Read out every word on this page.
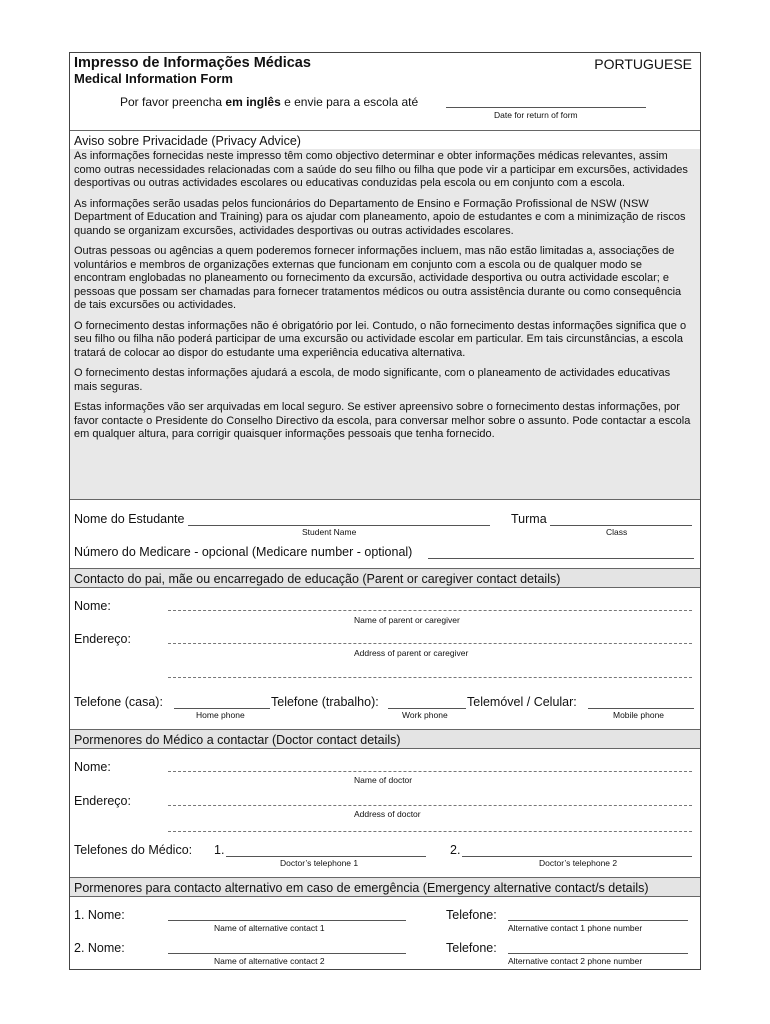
Impresso de Informações Médicas
Medical Information Form
PORTUGUESE
Por favor preencha em inglês e envie para a escola até
Date for return of form
Aviso sobre Privacidade (Privacy Advice)

As informações fornecidas neste impresso têm como objectivo determinar e obter informações médicas relevantes, assim como outras necessidades relacionadas com a saúde do seu filho ou filha que pode vir a participar em excursões, actividades desportivas ou outras actividades escolares ou educativas conduzidas pela escola ou em conjunto com a escola.

As informações serão usadas pelos funcionários do Departamento de Ensino e Formação Profissional de NSW (NSW Department of Education and Training) para os ajudar com planeamento, apoio de estudantes e com a minimização de riscos quando se organizam excursões, actividades desportivas ou outras actividades escolares.

Outras pessoas ou agências a quem poderemos fornecer informações incluem, mas não estão limitadas a, associações de voluntários e membros de organizações externas que funcionam em conjunto com a escola ou de qualquer modo se encontram englobadas no planeamento ou fornecimento da excursão, actividade desportiva ou outra actividade escolar; e pessoas que possam ser chamadas para fornecer tratamentos médicos ou outra assistência durante ou como consequência de tais excursões ou actividades.

O fornecimento destas informações não é obrigatório por lei. Contudo, o não fornecimento destas informações significa que o seu filho ou filha não poderá participar de uma excursão ou actividade escolar em particular. Em tais circunstâncias, a escola tratará de colocar ao dispor do estudante uma experiência educativa alternativa.

O fornecimento destas informações ajudará a escola, de modo significante, com o planeamento de actividades educativas mais seguras.

Estas informações vão ser arquivadas em local seguro. Se estiver apreensivo sobre o fornecimento destas informações, por favor contacte o Presidente do Conselho Directivo da escola, para conversar melhor sobre o assunto. Pode contactar a escola em qualquer altura, para corrigir quaisquer informações pessoais que tenha fornecido.

Nome do Estudante
Student Name
Turma
Class
Número do Medicare - opcional (Medicare number - optional)
Contacto do pai, mãe ou encarregado de educação (Parent or caregiver contact details)
Nome:
Name of parent or caregiver
Endereço:
Address of parent or caregiver
Telefone (casa):
Home phone
Telefone (trabalho):
Work phone
Telemóvel / Celular:
Mobile phone
Pormenores do Médico a contactar (Doctor contact details)
Nome:
Name of doctor
Endereço:
Address of doctor
Telefones do Médico: 1.
Doctor’s telephone 1
2.
Doctor’s telephone 2
Pormenores para contacto alternativo em caso de emergência (Emergency alternative contact/s details)
1. Nome:
Name of alternative contact 1
Telefone:
Alternative contact 1 phone number
2. Nome:
Name of alternative contact 2
Telefone:
Alternative contact 2 phone number
